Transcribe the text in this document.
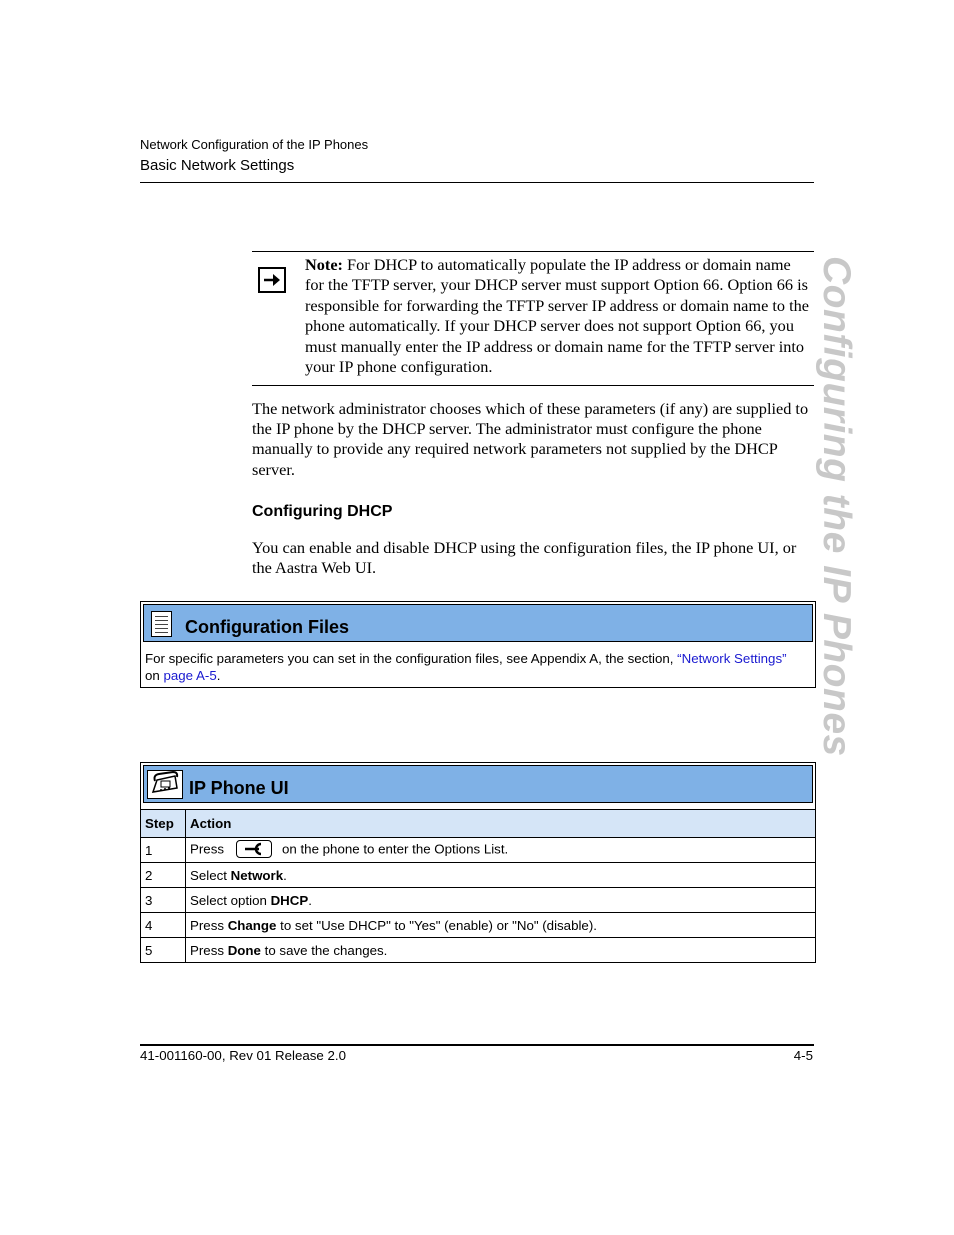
Network Configuration of the IP Phones
Basic Network Settings
Configuring the IP Phones
Note: For DHCP to automatically populate the IP address or domain name for the TFTP server, your DHCP server must support Option 66. Option 66 is responsible for forwarding the TFTP server IP address or domain name to the phone automatically. If your DHCP server does not support Option 66, you must manually enter the IP address or domain name for the TFTP server into your IP phone configuration.
The network administrator chooses which of these parameters (if any) are supplied to the IP phone by the DHCP server. The administrator must configure the phone manually to provide any required network parameters not supplied by the DHCP server.
Configuring DHCP
You can enable and disable DHCP using the configuration files, the IP phone UI, or the Aastra Web UI.
Configuration Files
For specific parameters you can set in the configuration files, see Appendix A, the section, “Network Settings” on page A-5.
IP Phone UI
Step	Action
1	Press on the phone to enter the Options List.
2	Select Network.
3	Select option DHCP.
4	Press Change to set "Use DHCP" to "Yes" (enable) or "No" (disable).
5	Press Done to save the changes.
41-001160-00, Rev 01 Release 2.0	4-5
